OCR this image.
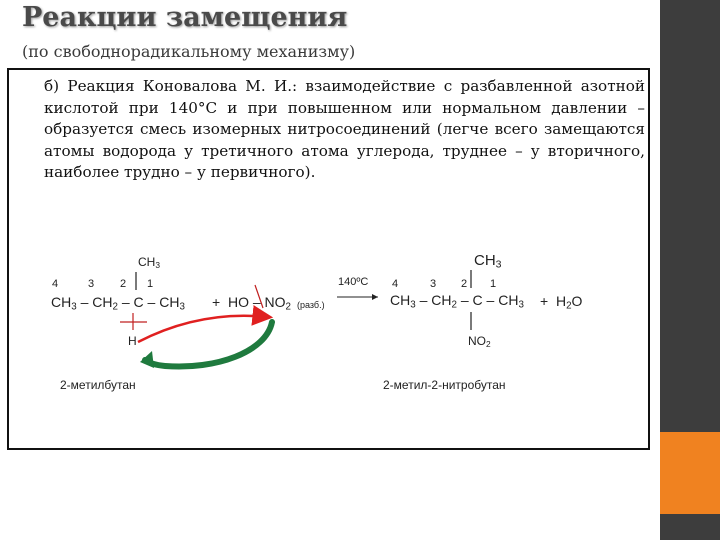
Реакции замещения
(по свободнорадикальному механизму)
б) Реакция Коновалова М. И.: взаимодействие с разбавленной азотной кислотой при 140°С и при повышенном или нормальном давлении – образуется смесь изомерных нитросоединений (легче всего замещаются атомы водорода у третичного атома углерода, труднее – у вторичного, наиболее трудно – у первичного).
$CH_3$
4	3 2 1
$CH_3 - CH_2$ – C – $CH_3$
H
2-метилбутан
+ HO – $NO_2$ (разб.)
140ºС
$CH_3$
4	3 2 1
$CH_3 - CH_2$ – C – $CH_3$
$NO_2$
2-метил-2-нитробутан
+ $H_2O$
